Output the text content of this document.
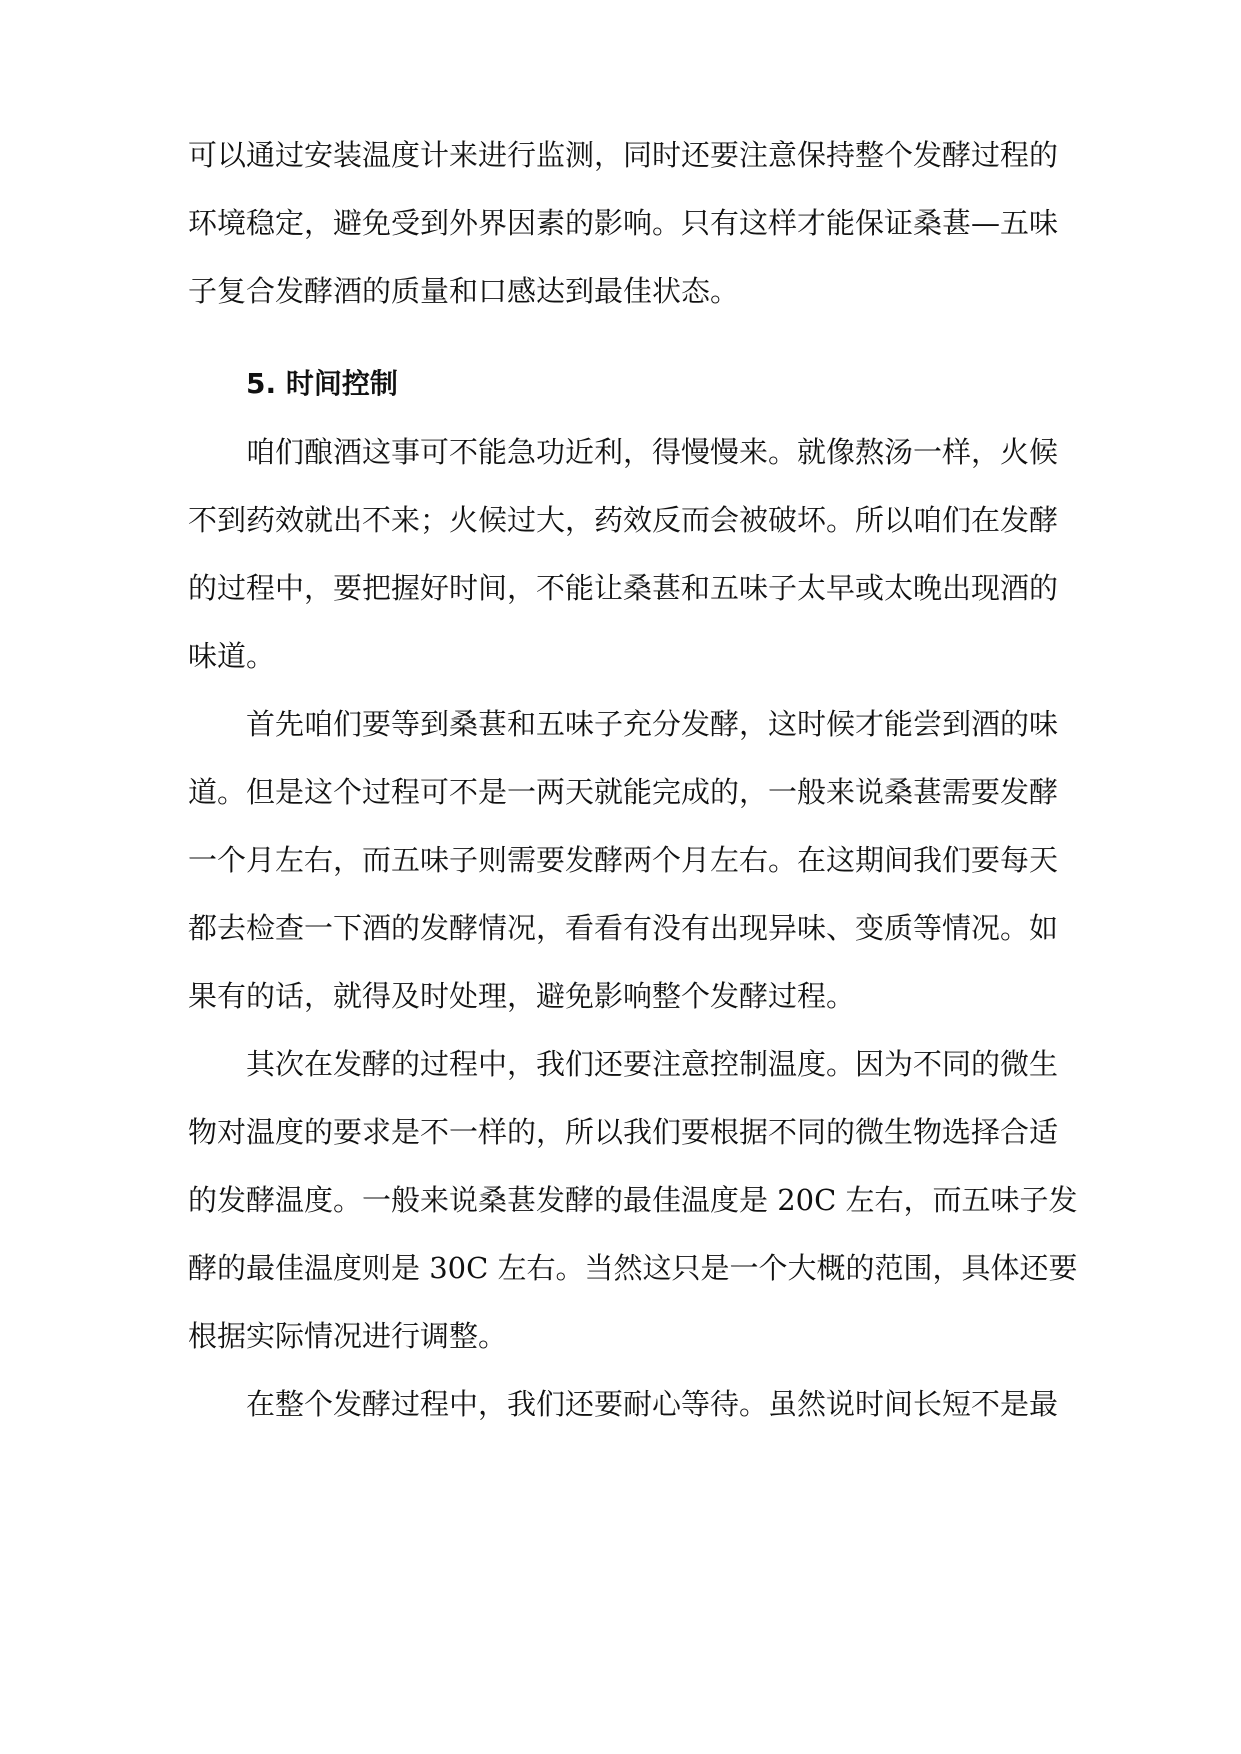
可以通过安装温度计来进行监测，同时还要注意保持整个发酵过程的
环境稳定，避免受到外界因素的影响。只有这样才能保证桑葚—五味
子复合发酵酒的质量和口感达到最佳状态。
5. 时间控制
咱们酿酒这事可不能急功近利，得慢慢来。就像熬汤一样，火候
不到药效就出不来；火候过大，药效反而会被破坏。所以咱们在发酵
的过程中，要把握好时间，不能让桑葚和五味子太早或太晚出现酒的
味道。
首先咱们要等到桑葚和五味子充分发酵，这时候才能尝到酒的味
道。但是这个过程可不是一两天就能完成的，一般来说桑葚需要发酵
一个月左右，而五味子则需要发酵两个月左右。在这期间我们要每天
都去检查一下酒的发酵情况，看看有没有出现异味、变质等情况。如
果有的话，就得及时处理，避免影响整个发酵过程。
其次在发酵的过程中，我们还要注意控制温度。因为不同的微生
物对温度的要求是不一样的，所以我们要根据不同的微生物选择合适
的发酵温度。一般来说桑葚发酵的最佳温度是 20C 左右，而五味子发
酵的最佳温度则是 30C 左右。当然这只是一个大概的范围，具体还要
根据实际情况进行调整。
在整个发酵过程中，我们还要耐心等待。虽然说时间长短不是最
